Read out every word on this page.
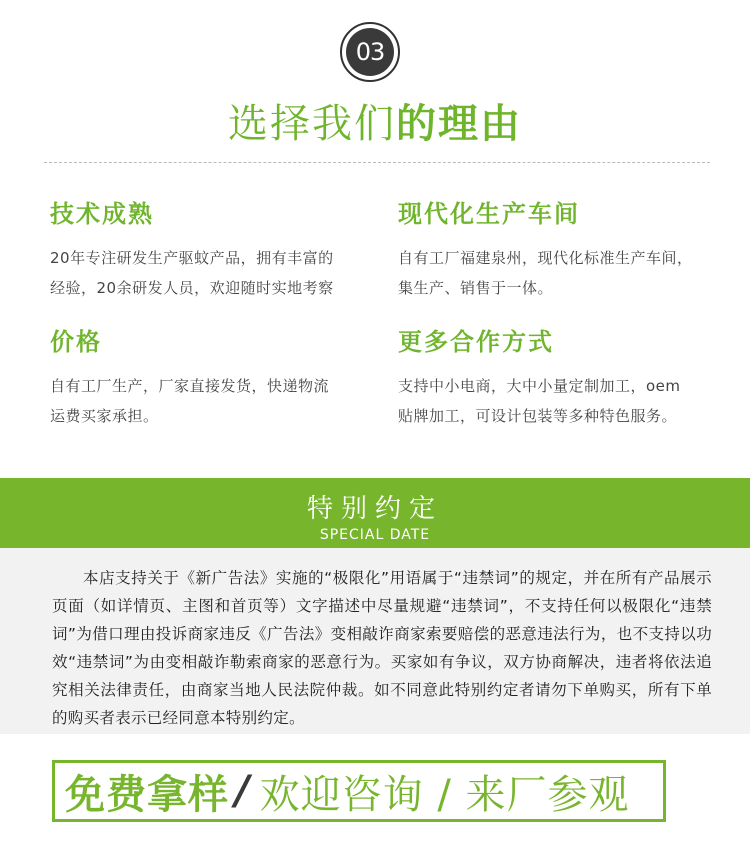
03
选择我们的理由
技术成熟

20年专注研发生产驱蚊产品，拥有丰富的
经验，20余研发人员，欢迎随时实地考察

现代化生产车间

自有工厂福建泉州，现代化标准生产车间，
集生产、销售于一体。

价格

自有工厂生产，厂家直接发货，快递物流
运费买家承担。

更多合作方式

支持中小电商，大中小量定制加工，oem
贴牌加工，可设计包装等多种特色服务。

特别约定
SPECIAL DATE

本店支持关于《新广告法》实施的“极限化”用语属于“违禁词”的规定，并在所有产品展示页面（如详情页、主图和首页等）文字描述中尽量规避“违禁词”，不支持任何以极限化“违禁词”为借口理由投诉商家违反《广告法》变相敲诈商家索要赔偿的恶意违法行为，也不支持以功效“违禁词”为由变相敲诈勒索商家的恶意行为。买家如有争议，双方协商解决，违者将依法追究相关法律责任，由商家当地人民法院仲裁。如不同意此特别约定者请勿下单购买，所有下单的购买者表示已经同意本特别约定。

免费拿样 / 欢迎咨询 / 来厂参观
